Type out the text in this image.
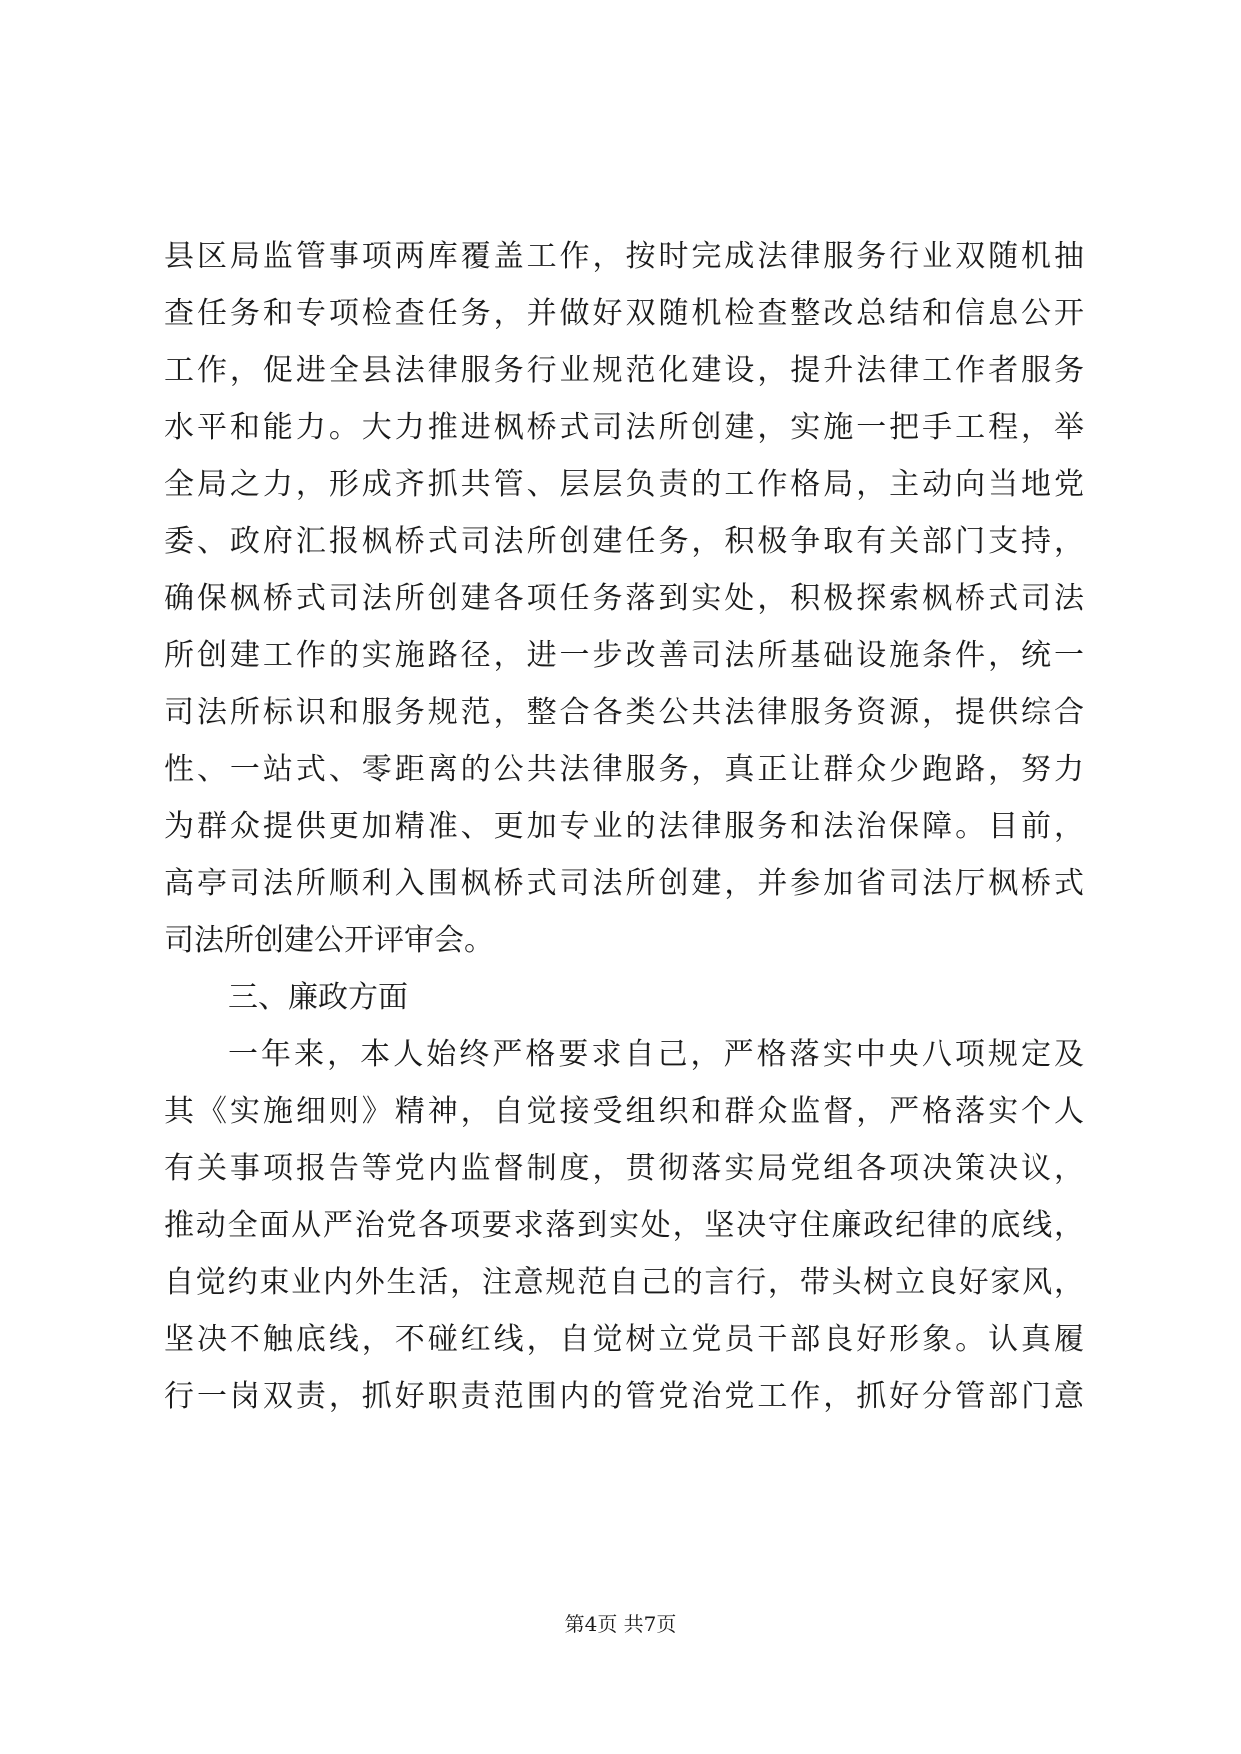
县区局监管事项两库覆盖工作，按时完成法律服务行业双随机抽
查任务和专项检查任务，并做好双随机检查整改总结和信息公开
工作，促进全县法律服务行业规范化建设，提升法律工作者服务
水平和能力。大力推进枫桥式司法所创建，实施一把手工程，举
全局之力，形成齐抓共管、层层负责的工作格局，主动向当地党
委、政府汇报枫桥式司法所创建任务，积极争取有关部门支持，
确保枫桥式司法所创建各项任务落到实处，积极探索枫桥式司法
所创建工作的实施路径，进一步改善司法所基础设施条件，统一
司法所标识和服务规范，整合各类公共法律服务资源，提供综合
性、一站式、零距离的公共法律服务，真正让群众少跑路，努力
为群众提供更加精准、更加专业的法律服务和法治保障。目前，
高亭司法所顺利入围枫桥式司法所创建，并参加省司法厅枫桥式
司法所创建公开评审会。
三、廉政方面
一年来，本人始终严格要求自己，严格落实中央八项规定及
其《实施细则》精神，自觉接受组织和群众监督，严格落实个人
有关事项报告等党内监督制度，贯彻落实局党组各项决策决议，
推动全面从严治党各项要求落到实处，坚决守住廉政纪律的底线，
自觉约束业内外生活，注意规范自己的言行，带头树立良好家风，
坚决不触底线，不碰红线，自觉树立党员干部良好形象。认真履
行一岗双责，抓好职责范围内的管党治党工作，抓好分管部门意
第4页 共7页
